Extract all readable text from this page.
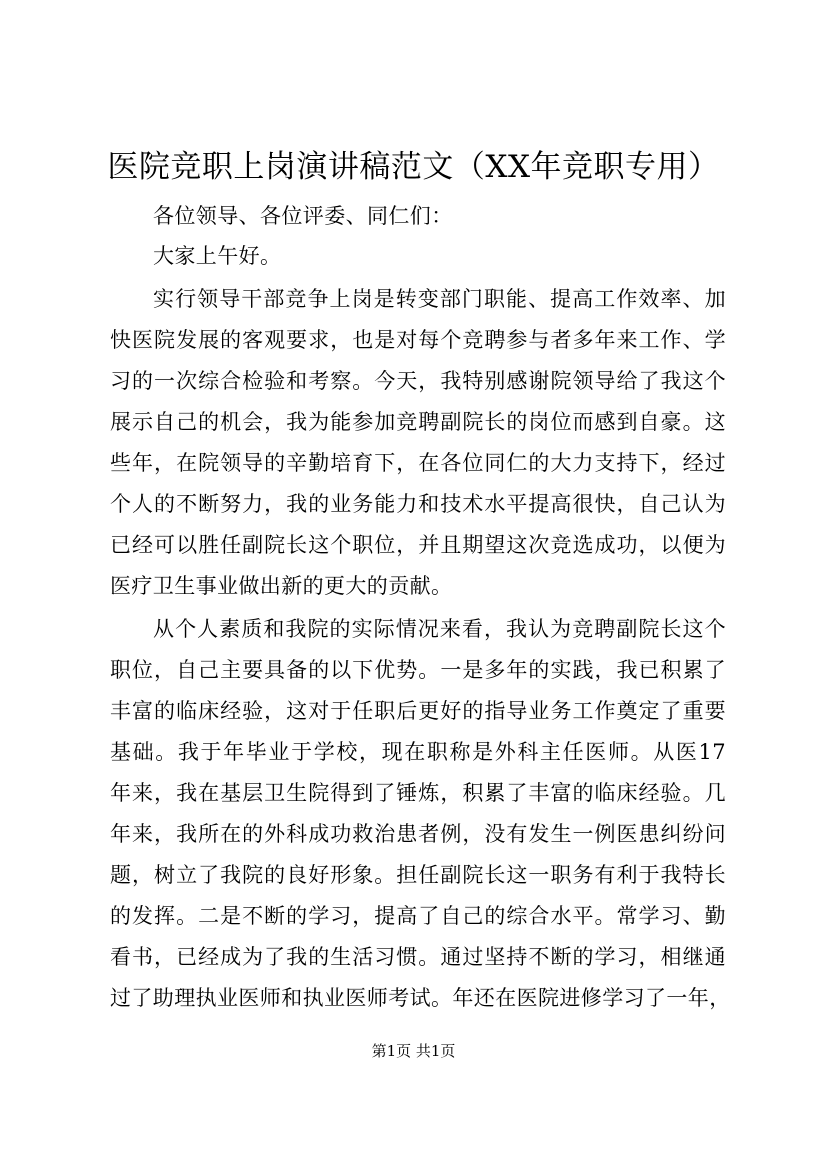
医院竞职上岗演讲稿范文（XX年竞职专用）
各位领导、各位评委、同仁们：
大家上午好。
实行领导干部竞争上岗是转变部门职能、提高工作效率、加
快医院发展的客观要求，也是对每个竞聘参与者多年来工作、学
习的一次综合检验和考察。今天，我特别感谢院领导给了我这个
展示自己的机会，我为能参加竞聘副院长的岗位而感到自豪。这
些年，在院领导的辛勤培育下，在各位同仁的大力支持下，经过
个人的不断努力，我的业务能力和技术水平提高很快，自己认为
已经可以胜任副院长这个职位，并且期望这次竞选成功，以便为
医疗卫生事业做出新的更大的贡献。
从个人素质和我院的实际情况来看，我认为竞聘副院长这个
职位，自己主要具备的以下优势。一是多年的实践，我已积累了
丰富的临床经验，这对于任职后更好的指导业务工作奠定了重要
基础。我于年毕业于学校，现在职称是外科主任医师。从医17
年来，我在基层卫生院得到了锤炼，积累了丰富的临床经验。几
年来，我所在的外科成功救治患者例，没有发生一例医患纠纷问
题，树立了我院的良好形象。担任副院长这一职务有利于我特长
的发挥。二是不断的学习，提高了自己的综合水平。常学习、勤
看书，已经成为了我的生活习惯。通过坚持不断的学习，相继通
过了助理执业医师和执业医师考试。年还在医院进修学习了一年，
第1页 共1页
